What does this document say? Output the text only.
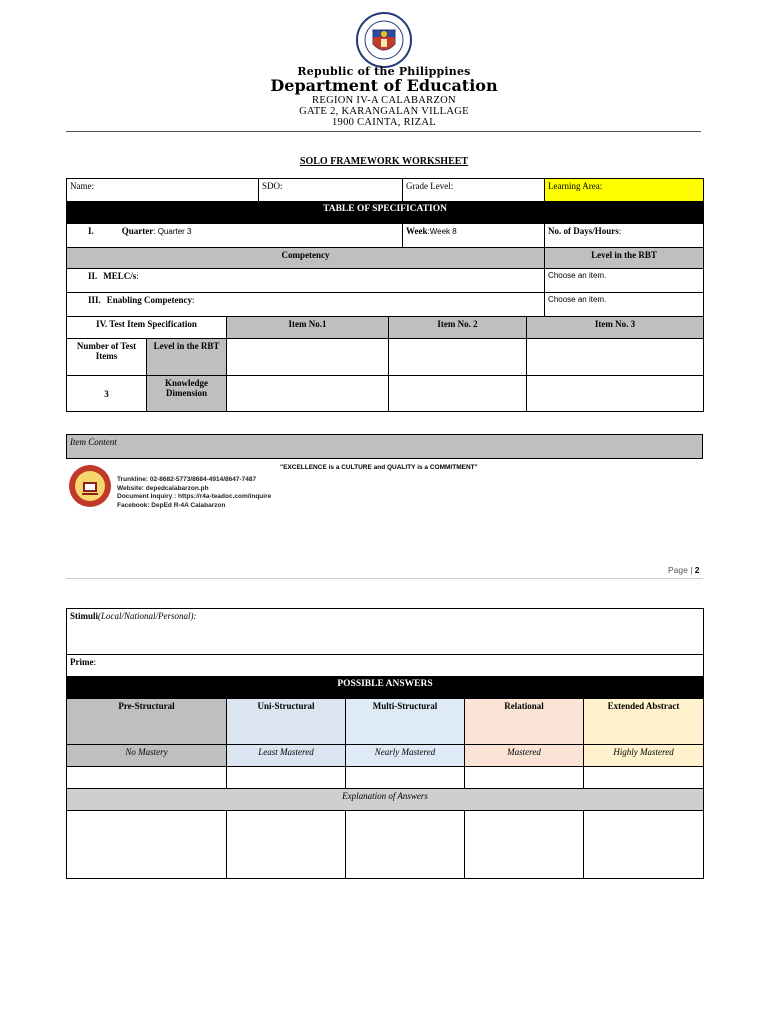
Republic of the Philippines
Department of Education
REGION IV-A CALABARZON
GATE 2, KARANGALAN VILLAGE
1900 CAINTA, RIZAL
SOLO FRAMEWORK WORKSHEET
Name:			SDO:		Grade Level:		Learning Area:
TABLE OF SPECIFICATION							
I. Quarter: Quarter 3					Week:Week 8		No. of Days/Hours:
Competency							Level in the RBT
II. MELC/s:							Choose an item.
III. Enabling Competency:							Choose an item.
IV. Test Item Specification		Item No.1		Item No. 2		Item No. 3	
Number of Test Items	Level in the RBT						
3	Knowledge Dimension						
Item Content
"EXCELLENCE is a CULTURE and QUALITY is a COMMITMENT"
Trunkline: 02-8682-5773/8684-4914/8647-7487
Website: depedcalabarzon.ph
Document Inquiry : https://r4a-teadoc.com/inquire
Facebook: DepEd R-4A Calabarzon
Page | 2
Stimuli(Local/National/Personal):				
Prime:				
POSSIBLE ANSWERS				
Pre-Structural	Uni-Structural	Multi-Structural	Relational	Extended Abstract
No Mastery	Least Mastered	Nearly Mastered	Mastered	Highly Mastered

Explanation of Answers				
